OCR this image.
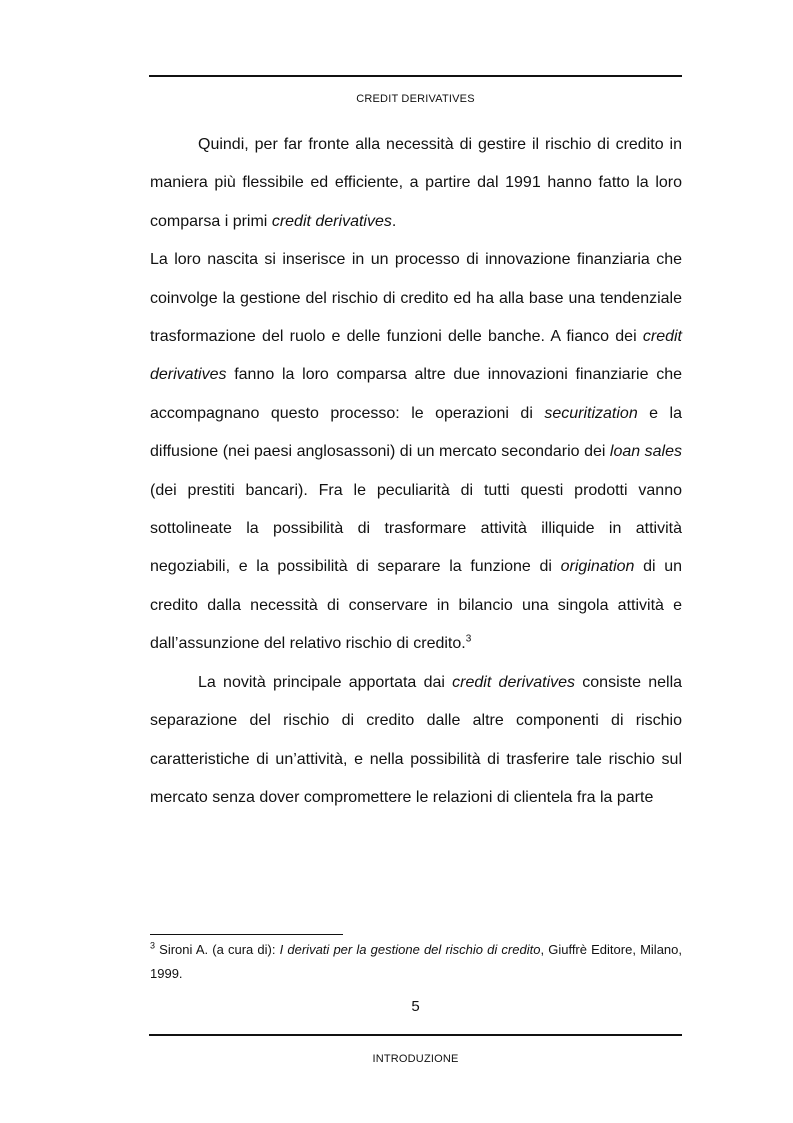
CREDIT DERIVATIVES

Quindi, per far fronte alla necessità di gestire il rischio di credito in maniera più flessibile ed efficiente, a partire dal 1991 hanno fatto la loro comparsa i primi credit derivatives.

La loro nascita si inserisce in un processo di innovazione finanziaria che coinvolge la gestione del rischio di credito ed ha alla base una tendenziale trasformazione del ruolo e delle funzioni delle banche. A fianco dei credit derivatives fanno la loro comparsa altre due innovazioni finanziarie che accompagnano questo processo: le operazioni di securitization e la diffusione (nei paesi anglosassoni) di un mercato secondario dei loan sales (dei prestiti bancari). Fra le peculiarità di tutti questi prodotti vanno sottolineate la possibilità di trasformare attività illiquide in attività negoziabili, e la possibilità di separare la funzione di origination di un credito dalla necessità di conservare in bilancio una singola attività e dall’assunzione del relativo rischio di credito.$^3$

La novità principale apportata dai credit derivatives consiste nella separazione del rischio di credito dalle altre componenti di rischio caratteristiche di un’attività, e nella possibilità di trasferire tale rischio sul mercato senza dover compromettere le relazioni di clientela fra la parte

$^3$ Sironi A. (a cura di): I derivati per la gestione del rischio di credito, Giuffrè Editore, Milano, 1999.

5
INTRODUZIONE
